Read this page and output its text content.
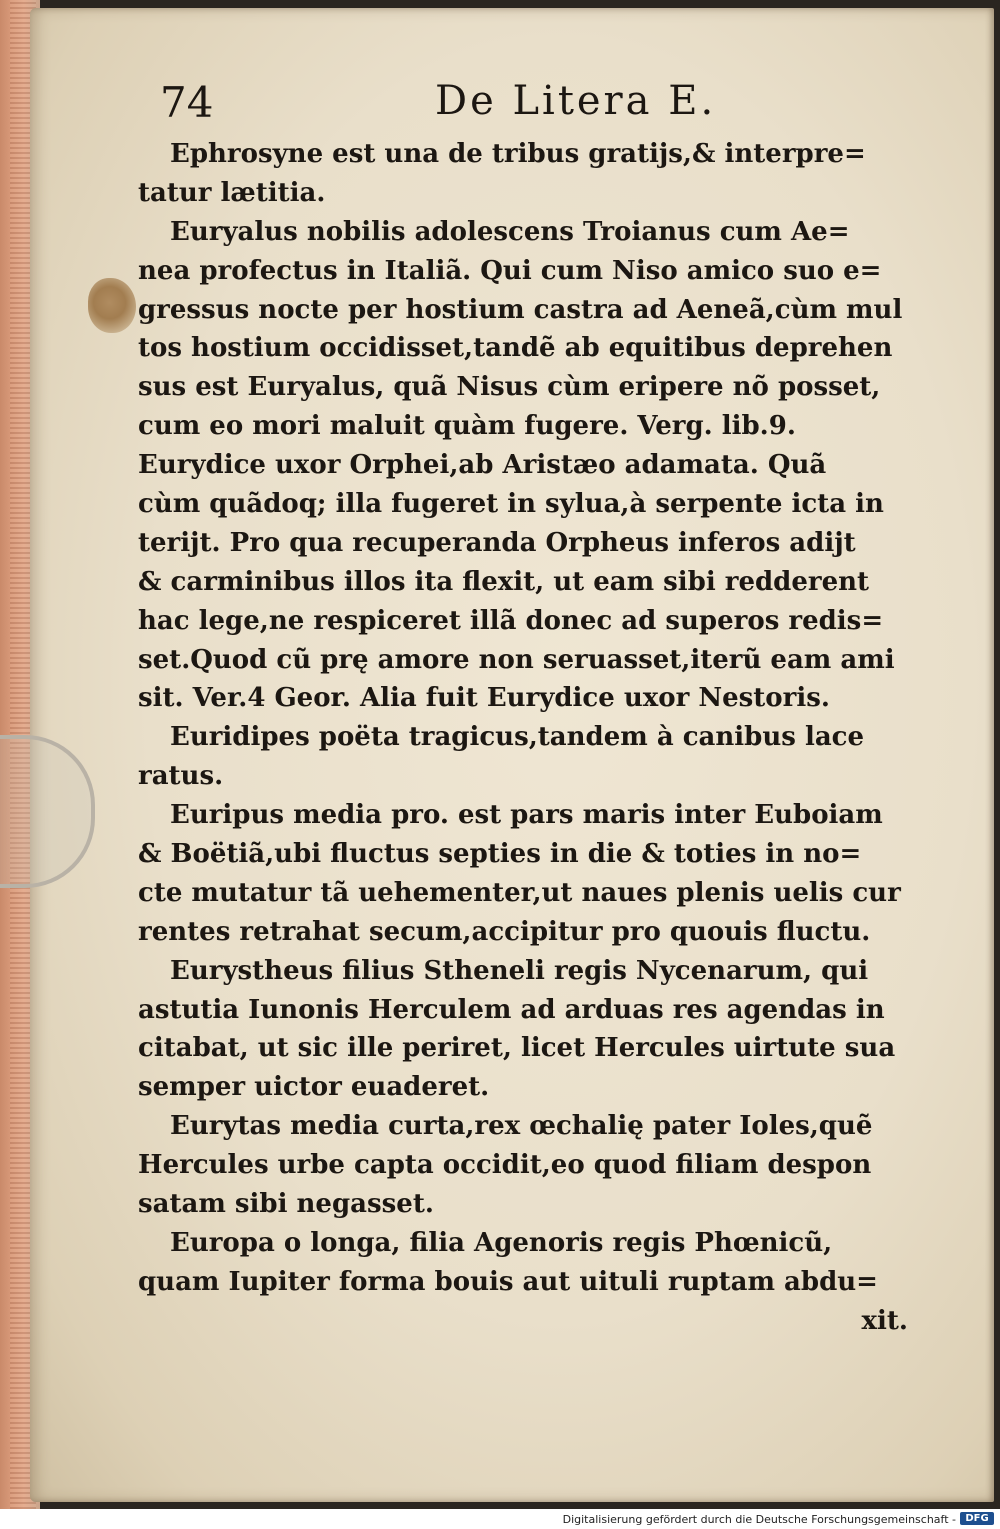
74	De Litera E.
Ephrosyne est una de tribus gratijs,& interpre=
tatur lætitia.
Euryalus nobilis adolescens Troianus cum Ae=
nea profectus in Italiã. Qui cum Niso amico suo e=
gressus nocte per hostium castra ad Aeneã,cùm mul
tos hostium occidisset,tandẽ ab equitibus deprehen
sus est Euryalus, quã Nisus cùm eripere nõ posset,
cum eo mori maluit quàm fugere. Verg. lib.9.
Eurydice uxor Orphei,ab Aristæo adamata. Quã
cùm quãdoq; illa fugeret in sylua,à serpente icta in
terijt. Pro qua recuperanda Orpheus inferos adijt
& carminibus illos ita flexit, ut eam sibi redderent
hac lege,ne respiceret illã donec ad superos redis=
set.Quod cũ prę amore non seruasset,iterũ eam ami
sit. Ver.4 Geor. Alia fuit Eurydice uxor Nestoris.
Euridipes poëta tragicus,tandem à canibus lace
ratus.
Euripus media pro. est pars maris inter Euboiam
& Boëtiã,ubi fluctus septies in die & toties in no=
cte mutatur tã uehementer,ut naues plenis uelis cur
rentes retrahat secum,accipitur pro quouis fluctu.
Eurystheus filius Stheneli regis Nycenarum, qui
astutia Iunonis Herculem ad arduas res agendas in
citabat, ut sic ille periret, licet Hercules uirtute sua
semper uictor euaderet.
Eurytas media curta,rex œchalię pater Ioles,quẽ
Hercules urbe capta occidit,eo quod filiam despon
satam sibi negasset.
Europa o longa, filia Agenoris regis Phœnicũ,
quam Iupiter forma bouis aut uituli ruptam abdu=
xit.
Digitalisierung gefördert durch die Deutsche Forschungsgemeinschaft - DFG
